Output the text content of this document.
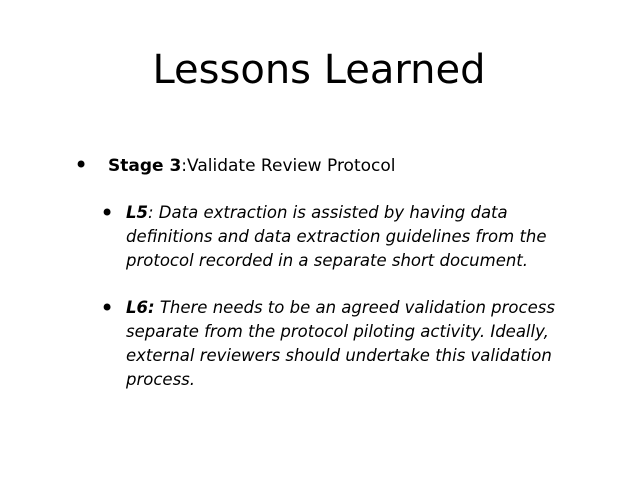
Lessons Learned
• Stage 3:Validate Review Protocol
• L5: Data extraction is assisted by having data definitions and data extraction guidelines from the protocol recorded in a separate short document.
• L6: There needs to be an agreed validation process separate from the protocol piloting activity. Ideally, external reviewers should undertake this validation process.
